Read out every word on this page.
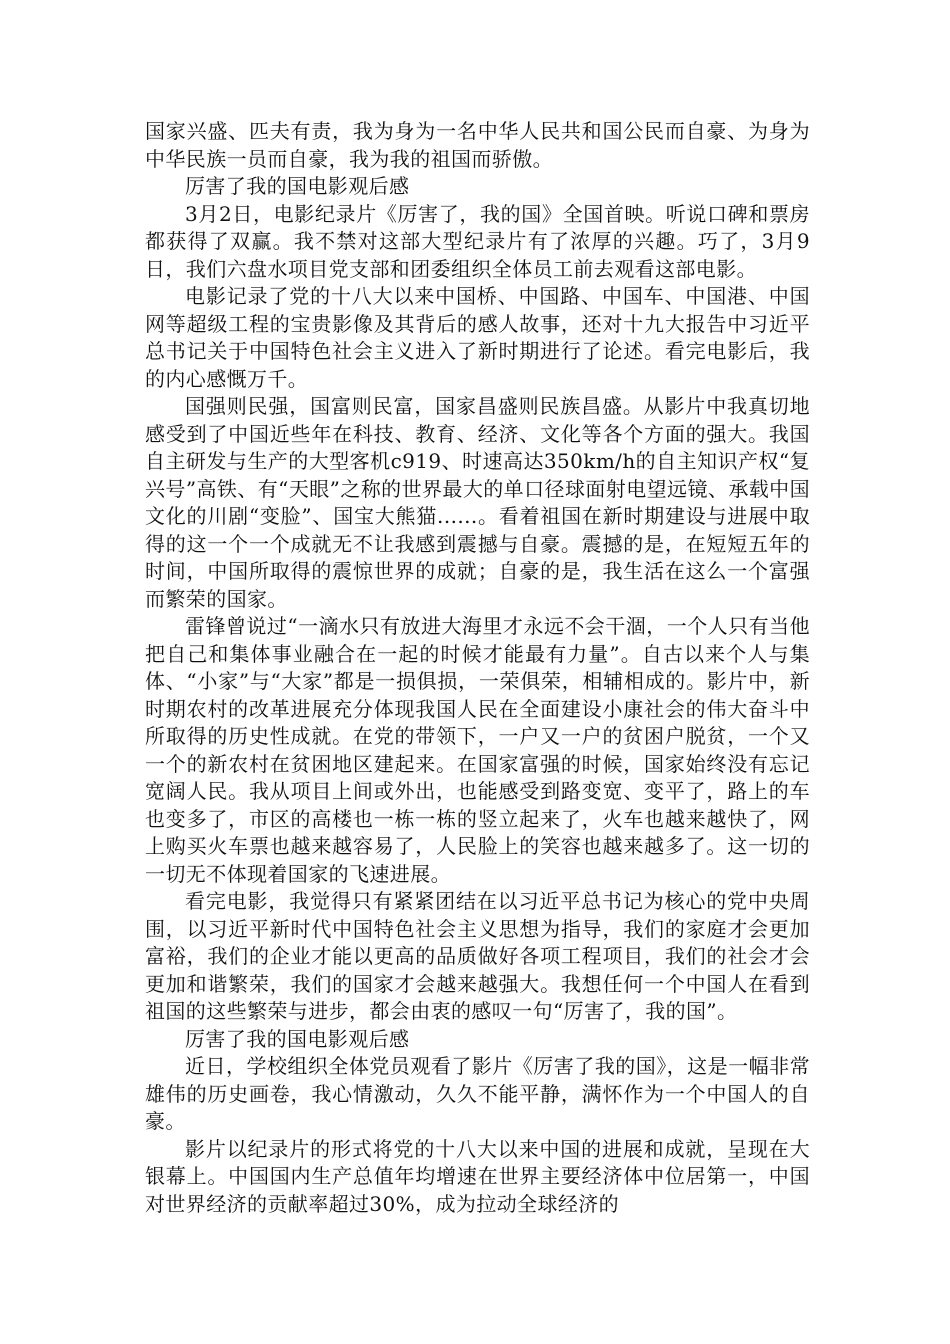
国家兴盛、匹夫有责，我为身为一名中华人民共和国公民而自豪、为身为中华民族一员而自豪，我为我的祖国而骄傲。

厉害了我的国电影观后感

3月2日，电影纪录片《厉害了，我的国》全国首映。听说口碑和票房都获得了双赢。我不禁对这部大型纪录片有了浓厚的兴趣。巧了，3月9日，我们六盘水项目党支部和团委组织全体员工前去观看这部电影。

电影记录了党的十八大以来中国桥、中国路、中国车、中国港、中国网等超级工程的宝贵影像及其背后的感人故事，还对十九大报告中习近平总书记关于中国特色社会主义进入了新时期进行了论述。看完电影后，我的内心感慨万千。

国强则民强，国富则民富，国家昌盛则民族昌盛。从影片中我真切地感受到了中国近些年在科技、教育、经济、文化等各个方面的强大。我国自主研发与生产的大型客机c919、时速高达350km/h的自主知识产权“复兴号”高铁、有“天眼”之称的世界最大的单口径球面射电望远镜、承载中国文化的川剧“变脸”、国宝大熊猫......。看着祖国在新时期建设与进展中取得的这一个一个成就无不让我感到震撼与自豪。震撼的是，在短短五年的时间，中国所取得的震惊世界的成就；自豪的是，我生活在这么一个富强而繁荣的国家。

雷锋曾说过“一滴水只有放进大海里才永远不会干涸，一个人只有当他把自己和集体事业融合在一起的时候才能最有力量”。自古以来个人与集体、“小家”与“大家”都是一损俱损，一荣俱荣，相辅相成的。影片中，新时期农村的改革进展充分体现我国人民在全面建设小康社会的伟大奋斗中所取得的历史性成就。在党的带领下，一户又一户的贫困户脱贫，一个又一个的新农村在贫困地区建起来。在国家富强的时候，国家始终没有忘记宽阔人民。我从项目上间或外出，也能感受到路变宽、变平了，路上的车也变多了，市区的高楼也一栋一栋的竖立起来了，火车也越来越快了，网上购买火车票也越来越容易了，人民脸上的笑容也越来越多了。这一切的一切无不体现着国家的飞速进展。

看完电影，我觉得只有紧紧团结在以习近平总书记为核心的党中央周围，以习近平新时代中国特色社会主义思想为指导，我们的家庭才会更加富裕，我们的企业才能以更高的品质做好各项工程项目，我们的社会才会更加和谐繁荣，我们的国家才会越来越强大。我想任何一个中国人在看到祖国的这些繁荣与进步，都会由衷的感叹一句“厉害了，我的国”。

厉害了我的国电影观后感

近日，学校组织全体党员观看了影片《厉害了我的国》，这是一幅非常雄伟的历史画卷，我心情激动，久久不能平静，满怀作为一个中国人的自豪。

影片以纪录片的形式将党的十八大以来中国的进展和成就，呈现在大银幕上。中国国内生产总值年均增速在世界主要经济体中位居第一，中国对世界经济的贡献率超过30%，成为拉动全球经济的
